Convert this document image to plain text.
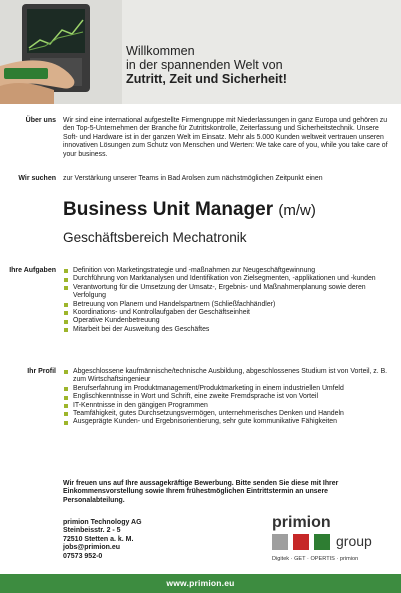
Willkommen
in der spannenden Welt von
Zutritt, Zeit und Sicherheit!
Über uns Wir sind eine international aufgestellte Firmengruppe mit Niederlassungen in ganz Europa und gehören zu den Top-5-Unternehmen der Branche für Zutrittskontrolle, Zeiterfassung und Sicherheitstechnik. Unsere Soft- und Hardware ist in der ganzen Welt im Einsatz. Mehr als 5.000 Kunden weltweit vertrauen unseren innovativen Lösungen zum Schutz von Menschen und Werten: We take care of you, while you take care of your business.
Wir suchen zur Verstärkung unserer Teams in Bad Arolsen zum nächstmöglichen Zeitpunkt einen
Business Unit Manager (m/w)
Geschäftsbereich Mechatronik
Ihre Aufgaben	Definition von Marketingstrategie und -maßnahmen zur Neugeschäftgewinnung
Durchführung von Marktanalysen und Identifikation von Zielsegmenten, -applikationen und -kunden
Verantwortung für die Umsetzung der Umsatz-, Ergebnis- und Maßnahmenplanung sowie deren Verfolgung
Betreuung von Planern und Handelspartnern (Schließfachhändler)
Koordinations- und Kontrollaufgaben der Geschäftseinheit
Operative Kundenbetreuung
Mitarbeit bei der Ausweitung des Geschäftes
Ihr Profil	Abgeschlossene kaufmännische/technische Ausbildung, abgeschlossenes Studium ist von Vorteil, z. B. zum Wirtschaftsingenieur
Berufserfahrung im Produktmanagement/Produktmarketing in einem industriellen Umfeld
Englischkenntnisse in Wort und Schrift, eine zweite Fremdsprache ist von Vorteil
IT-Kenntnisse in den gängigen Programmen
Teamfähigkeit, gutes Durchsetzungsvermögen, unternehmerisches Denken und Handeln
Ausgeprägte Kunden- und Ergebnisorientierung, sehr gute kommunikative Fähigkeiten
Wir freuen uns auf Ihre aussagekräftige Bewerbung. Bitte senden Sie diese mit Ihrer Einkommensvorstellung sowie Ihrem frühestmöglichen Eintrittstermin an unsere Personalabteilung.
primion Technology AG
Steinbeisstr. 2 - 5
72510 Stetten a. k. M.
jobs@primion.eu
07573 952-0
primion
group
Digitek · GET · OPERTIS · primion
www.primion.eu
